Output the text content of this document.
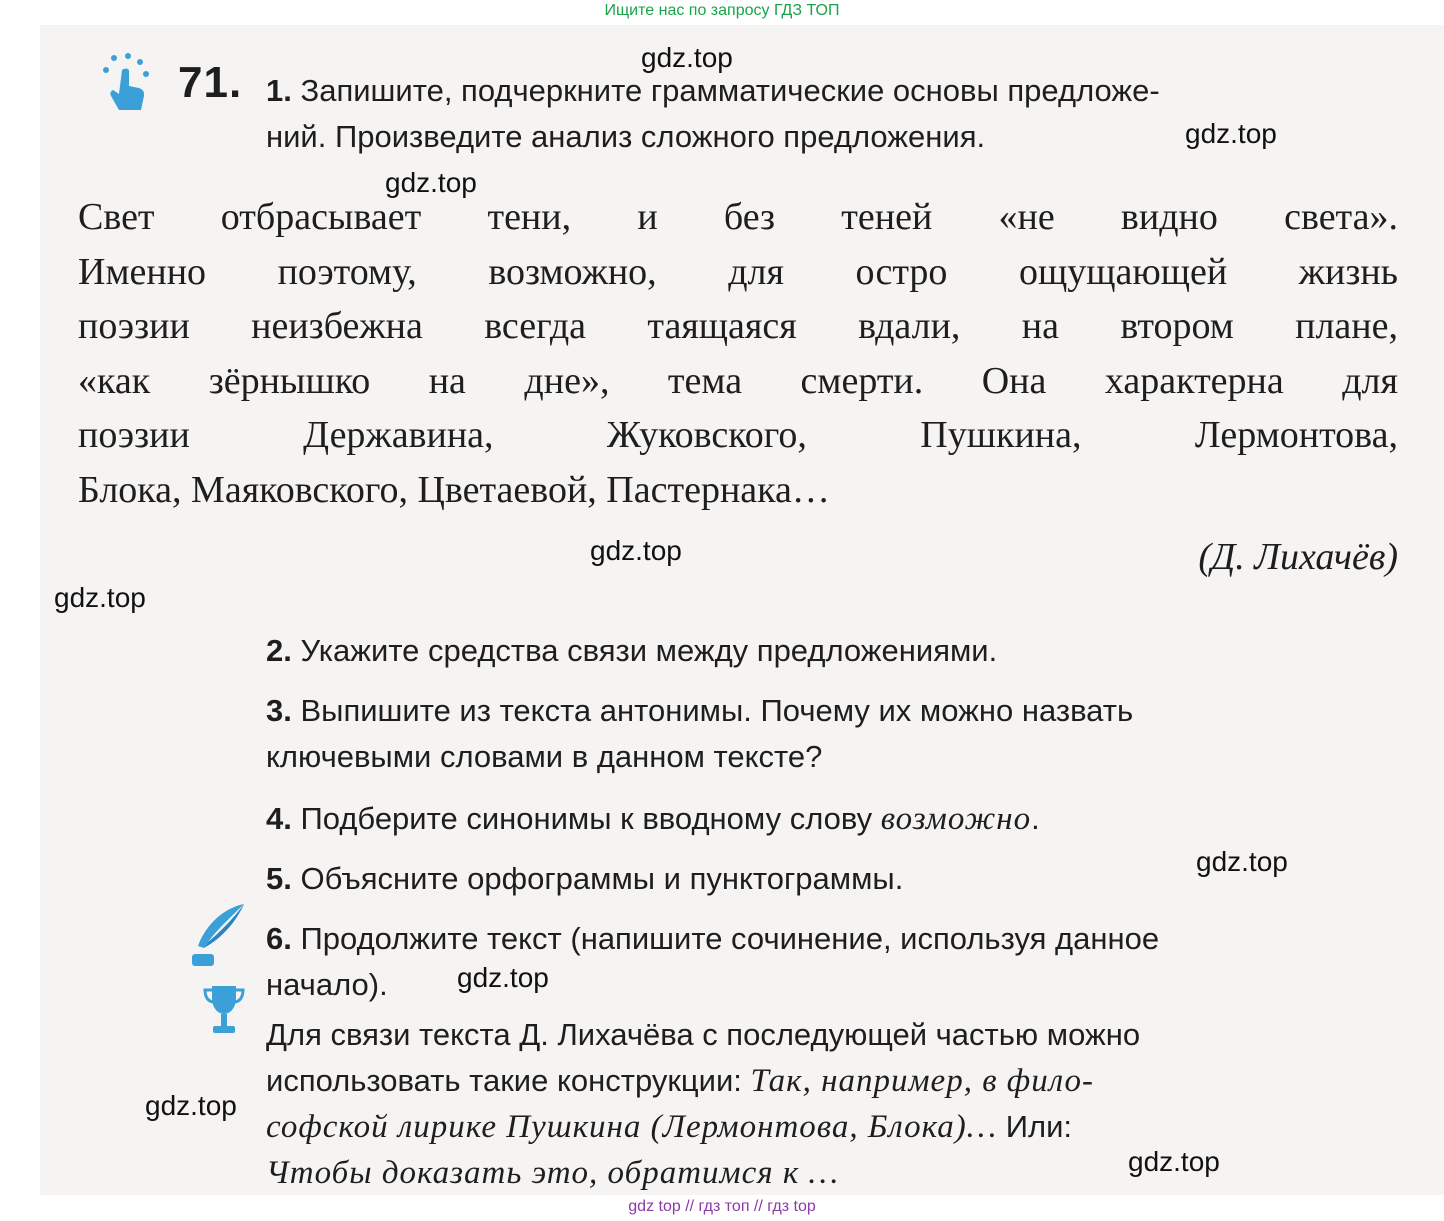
Ищите нас по запросу ГДЗ ТОП
71. 1. Запишите, подчеркните грамматические основы предложе-
ний. Произведите анализ сложного предложения.
Свет отбрасывает тени, и без теней «не видно света».
Именно поэтому, возможно, для остро ощущающей жизнь
поэзии неизбежна всегда таящаяся вдали, на втором плане,
«как зёрнышко на дне», тема смерти. Она характерна для
поэзии Державина, Жуковского, Пушкина, Лермонтова,
Блока, Маяковского, Цветаевой, Пастернака…
(Д. Лихачёв)
2. Укажите средства связи между предложениями.
3. Выпишите из текста антонимы. Почему их можно назвать
ключевыми словами в данном тексте?
4. Подберите синонимы к вводному слову возможно.
5. Объясните орфограммы и пунктограммы.
6. Продолжите текст (напишите сочинение, используя данное
начало).
Для связи текста Д. Лихачёва с последующей частью можно
использовать такие конструкции: Так, например, в фило-
софской лирике Пушкина (Лермонтова, Блока)… Или:
Чтобы доказать это, обратимся к …
gdz.top
gdz.top
gdz.top
gdz.top
gdz.top
gdz.top
gdz.top
gdz.top
gdz.top
gdz top // гдз топ // гдз top
